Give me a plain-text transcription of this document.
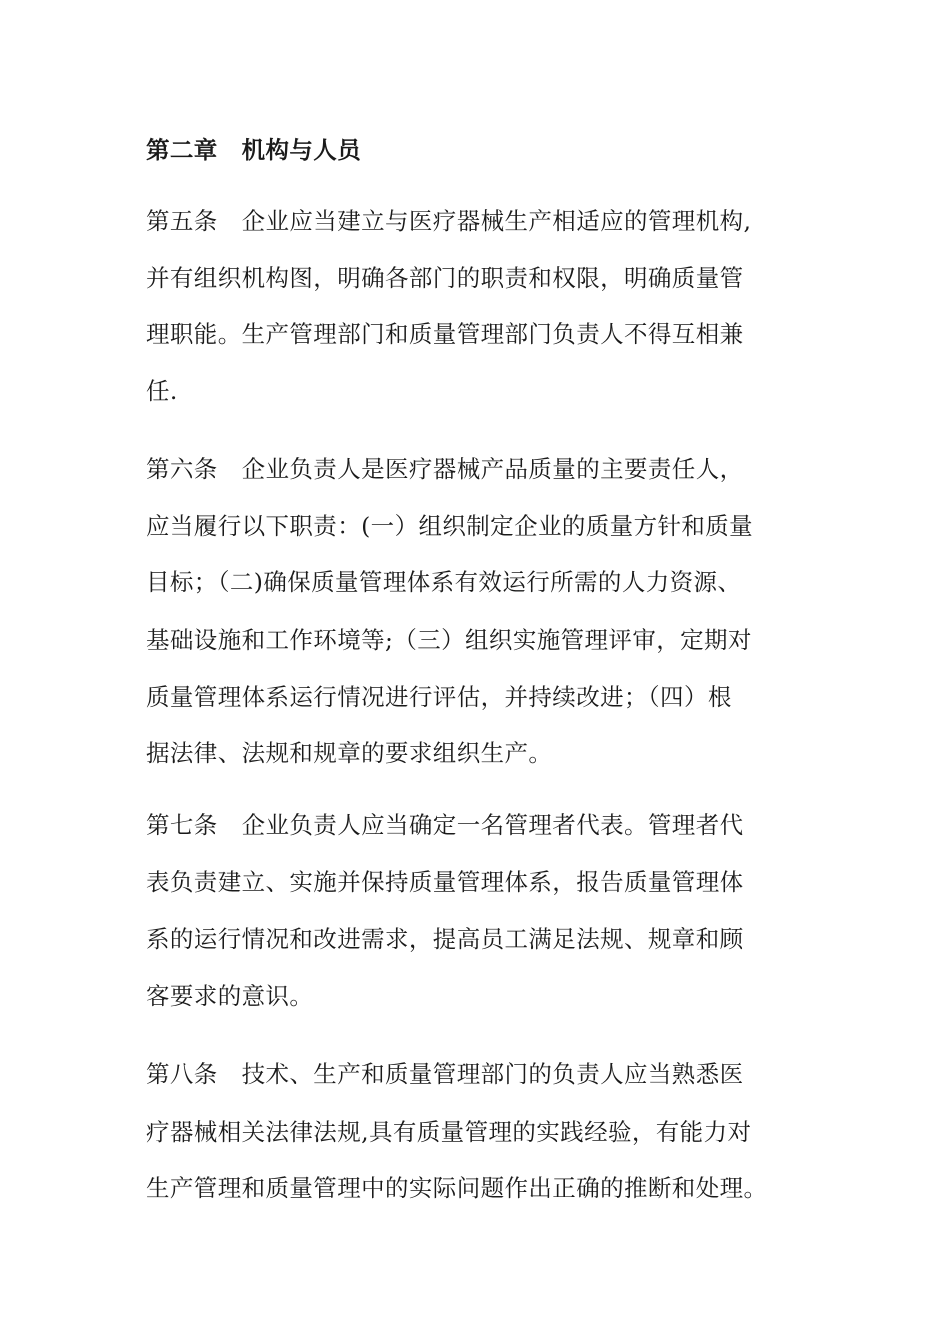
第二章　机构与人员
第五条　企业应当建立与医疗器械生产相适应的管理机构,
并有组织机构图，明确各部门的职责和权限，明确质量管
理职能。生产管理部门和质量管理部门负责人不得互相兼
任.
第六条　企业负责人是医疗器械产品质量的主要责任人，
应当履行以下职责：(一）组织制定企业的质量方针和质量
目标；（二)确保质量管理体系有效运行所需的人力资源、
基础设施和工作环境等;（三）组织实施管理评审，定期对
质量管理体系运行情况进行评估，并持续改进；（四）根
据法律、法规和规章的要求组织生产。
第七条　企业负责人应当确定一名管理者代表。管理者代
表负责建立、实施并保持质量管理体系，报告质量管理体
系的运行情况和改进需求，提高员工满足法规、规章和顾
客要求的意识。
第八条　技术、生产和质量管理部门的负责人应当熟悉医
疗器械相关法律法规,具有质量管理的实践经验，有能力对
生产管理和质量管理中的实际问题作出正确的推断和处理。
